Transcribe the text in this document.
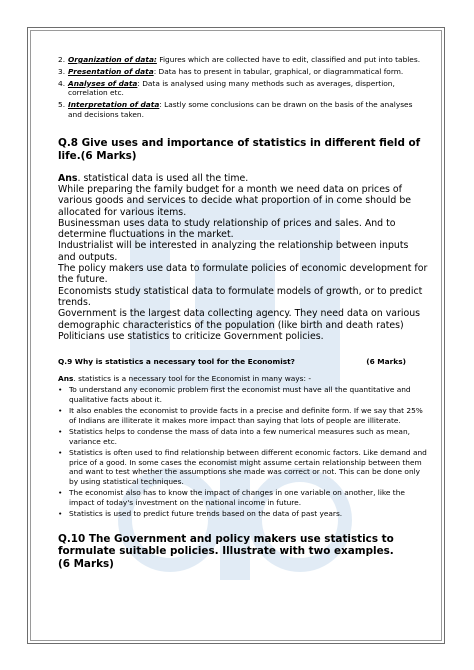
2. Organization of data: Figures which are collected have to edit, classified and put into tables.
3. Presentation of data: Data has to present in tabular, graphical, or diagrammatical form.
4. Analyses of data: Data is analysed using many methods such as averages, dispertion, correlation etc.
5. Interpretation of data: Lastly some conclusions can be drawn on the basis of the analyses and decisions taken.
Q.8 Give uses and importance of statistics in different field of life.(6 Marks)

Ans. statistical data is used all the time.

While preparing the family budget for a month we need data on prices of various goods and services to decide what proportion of in come should be allocated for various items.

Businessman uses data to study relationship of prices and sales. And to determine fluctuations in the market.

Industrialist will be interested in analyzing the relationship between inputs and outputs.

The policy makers use data to formulate policies of economic development for the future.

Economists study statistical data to formulate models of growth, or to predict trends.

Government is the largest data collecting agency. They need data on various demographic characteristics of the population (like birth and death rates)

Politicians use statistics to criticize Government policies.

Q.9 Why is statistics a necessary tool for the Economist?	(6 Marks)

Ans. statistics is a necessary tool for the Economist in many ways: -

• To understand any economic problem first the economist must have all the quantitative and qualitative facts about it.
• It also enables the economist to provide facts in a precise and definite form. If we say that 25% of Indians are illiterate it makes more impact than saying that lots of people are illiterate.
• Statistics helps to condense the mass of data into a few numerical measures such as mean, variance etc.
• Statistics is often used to find relationship between different economic factors. Like demand and price of a good. In some cases the economist might assume certain relationship between them and want to test whether the assumptions she made was correct or not. This can be done only by using statistical techniques.
• The economist also has to know the impact of changes in one variable on another, like the impact of today's investment on the national income in future.
• Statistics is used to predict future trends based on the data of past years.
Q.10 The Government and policy makers use statistics to formulate suitable policies. Illustrate with two examples.
(6 Marks)
